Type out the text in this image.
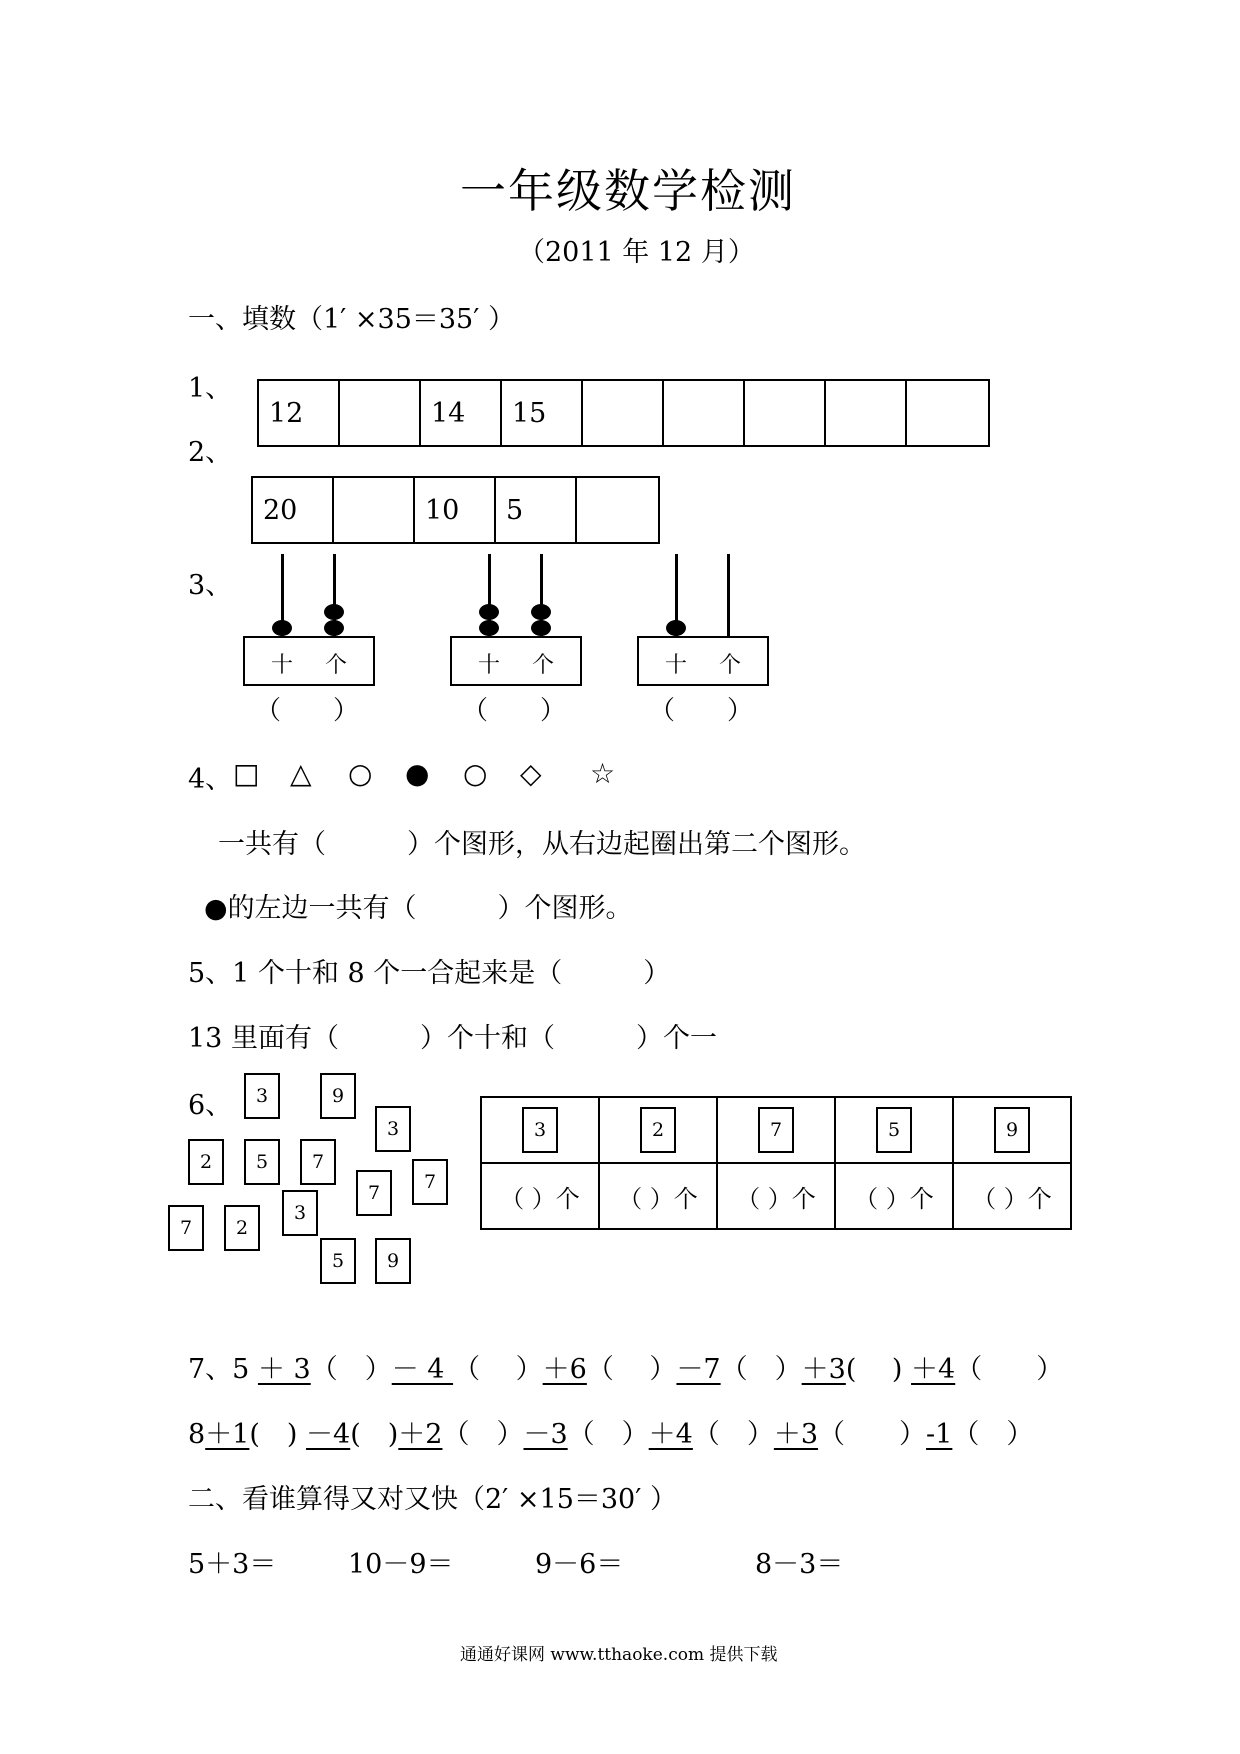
一年级数学检测
（2011 年 12 月）
一、填数（1′ ×35＝35′ ）
1、
12	14	15
2、
20	10	5
3、
十 个
（　　）
十 个
（　　）
十 个
（　　）
4、 □ △ ○ ● ○ ◇ ☆
一共有（　　　）个图形，从右边起圈出第二个图形。
●的左边一共有（　　　）个图形。
5、1 个十和 8 个一合起来是（　　　）
13 里面有（　　　）个十和（　　　）个一
6、	3	9
3
2	5	7
7	7
3
7	2
5	9
3	2	7	5	9
（ ）个	（ ）个	（ ）个	（ ）个	（ ）个
7、5 ＋ 3（　）－ 4 （　 ）＋6（　 ）－7（　）＋3(　 ) ＋4（　　）
8＋1(　) －4(　)＋2（　）－3（　）＋4（　）＋3（　　）-1（　）
二、看谁算得又对又快（2′ ×15＝30′ ）
5＋3＝	10－9＝	9－6＝	8－3＝
通通好课网 www.tthaoke.com 提供下载
